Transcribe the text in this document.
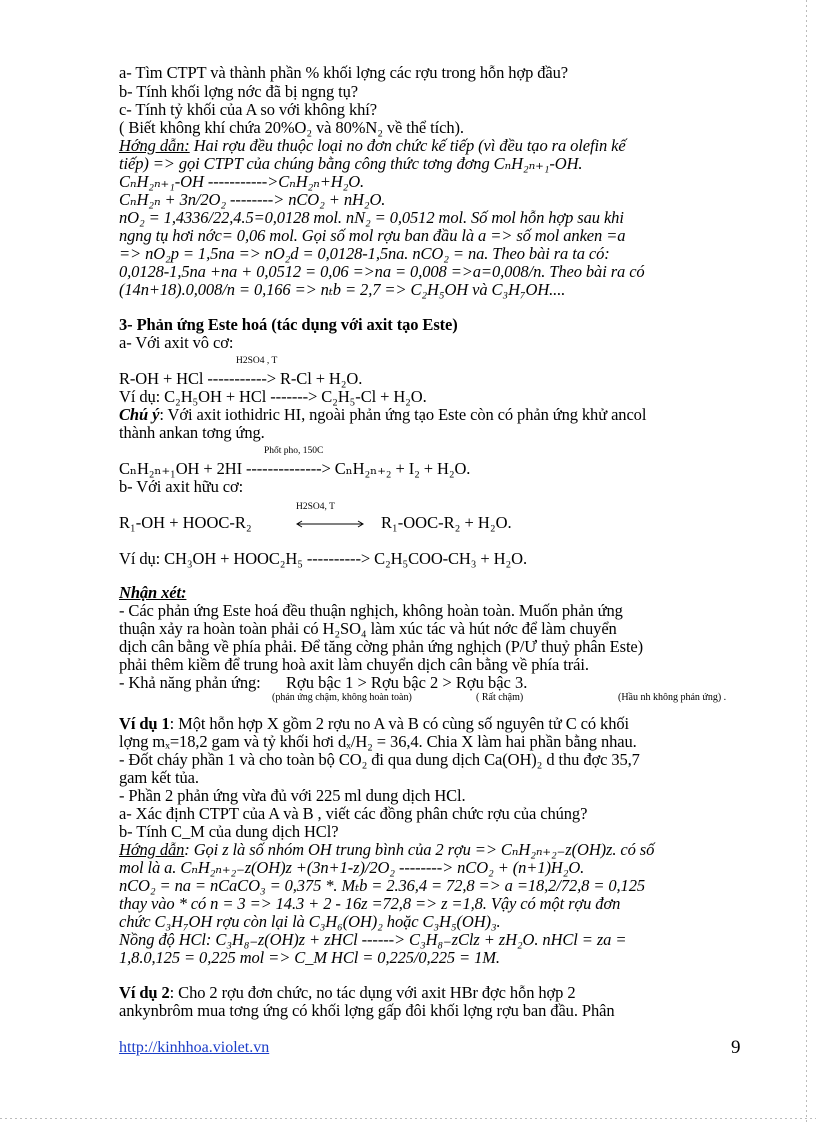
a- Tìm CTPT và thành phần % khối lợng các rợu trong hỗn hợp đầu?
b- Tính khối lợng nớc đã bị ngng tụ?
c- Tính tỷ khối của A so với không khí?
( Biết không khí chứa 20%O₂ và 80%N₂ về thể tích).
Hớng dẫn: Hai rợu đều thuộc loại no đơn chức kế tiếp (vì đều tạo ra olefin kế
tiếp) => gọi CTPT của chúng bằng công thức tơng đơng CₙH₂ₙ₊₁-OH.
CₙH₂ₙ₊₁-OH ----------->CₙH₂ₙ+H₂O.
CₙH₂ₙ + 3n/2O₂ --------> nCO₂ + nH₂O.
nO₂ = 1,4336/22,4.5=0,0128 mol. nN₂ = 0,0512 mol. Số mol hỗn hợp sau khi
ngng tụ hơi nớc= 0,06 mol. Gọi số mol rợu ban đầu là a => số mol anken =a
=> nO₂p = 1,5na => nO₂d = 0,0128-1,5na. nCO₂ = na. Theo bài ra ta có:
0,0128-1,5na +na + 0,0512 = 0,06 =>na = 0,008 =>a=0,008/n. Theo bài ra có
(14n+18).0,008/n = 0,166 => nₜb = 2,7 => C₂H₅OH và C₃H₇OH....
3- Phản ứng Este hoá (tác dụng với axit tạo Este)
a- Với axit vô cơ:
H2SO4 , T
R-OH + HCl -----------> R-Cl + H₂O.
Ví dụ: C₂H₅OH + HCl -------> C₂H₅-Cl + H₂O.
Chú ý: Với axit iothidric HI, ngoài phản ứng tạo Este còn có phản ứng khử ancol
thành ankan tơng ứng.
Phốt pho, 150C
CₙH₂ₙ₊₁OH + 2HI --------------> CₙH₂ₙ₊₂ + I₂ + H₂O.
b- Với axit hữu cơ:
H2SO4, T
R₁-OH + HOOC-R₂	R₁-OOC-R₂ + H₂O.
Ví dụ: CH₃OH + HOOC₂H₅ ----------> C₂H₅COO-CH₃ + H₂O.
Nhận xét:
- Các phản ứng Este hoá đều thuận nghịch, không hoàn toàn. Muốn phản ứng
thuận xảy ra hoàn toàn phải có H₂SO₄ làm xúc tác và hút nớc để làm chuyển
dịch cân bằng về phía phải. Để tăng cờng phản ứng nghịch (P/Ư thuỷ phân Este)
phải thêm kiềm để trung hoà axit làm chuyển dịch cân bằng về phía trái.
- Khả năng phản ứng: Rợu bậc 1 > Rợu bậc 2 > Rợu bậc 3.
(phản ứng chậm, không hoàn toàn)	( Rất chậm)	(Hầu nh không phản ứng) .
Ví dụ 1: Một hỗn hợp X gồm 2 rợu no A và B có cùng số nguyên tử C có khối
lợng mₓ=18,2 gam và tỷ khối hơi dₓ/H₂ = 36,4. Chia X làm hai phần bằng nhau.
- Đốt cháy phần 1 và cho toàn bộ CO₂ đi qua dung dịch Ca(OH)₂ d thu đợc 35,7
gam kết tủa.
- Phần 2 phản ứng vừa đủ với 225 ml dung dịch HCl.
a- Xác định CTPT của A và B , viết các đồng phân chức rợu của chúng?
b- Tính C_M của dung dịch HCl?
Hớng dẫn: Gọi z là số nhóm OH trung bình của 2 rợu => CₙH₂ₙ₊₂₋z(OH)z. có số
mol là a. CₙH₂ₙ₊₂₋z(OH)z +(3n+1-z)/2O₂ --------> nCO₂ + (n+1)H₂O.
nCO₂ = na = nCaCO₃ = 0,375 *. Mₜb = 2.36,4 = 72,8 => a =18,2/72,8 = 0,125
thay vào * có n = 3 => 14.3 + 2 - 16z =72,8 => z =1,8. Vậy có một rợu đơn
chức C₃H₇OH rợu còn lại là C₃H₆(OH)₂ hoặc C₃H₅(OH)₃.
Nồng độ HCl: C₃H₈₋z(OH)z + zHCl ------> C₃H₈₋zClz + zH₂O. nHCl = za =
1,8.0,125 = 0,225 mol => C_M HCl = 0,225/0,225 = 1M.
Ví dụ 2: Cho 2 rợu đơn chức, no tác dụng với axit HBr đợc hỗn hợp 2
ankynbrôm mua tơng ứng có khối lợng gấp đôi khối lợng rợu ban đầu. Phân
http://kinhhoa.violet.vn	9
